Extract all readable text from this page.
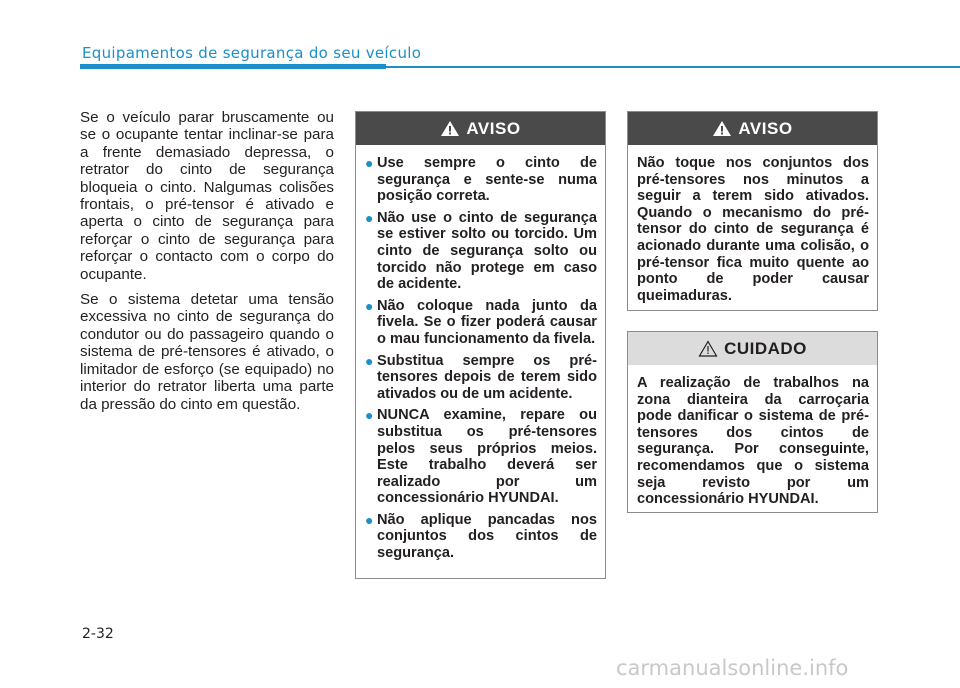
Equipamentos de segurança do seu veículo

Se o veículo parar bruscamente ou se o ocupante tentar inclinar-se para a frente demasiado depressa, o retrator do cinto de segurança bloqueia o cinto. Nalgumas colisões frontais, o pré-tensor é ativado e aperta o cinto de segurança para reforçar o cinto de segurança para reforçar o contacto com o corpo do ocupante.

Se o sistema detetar uma tensão excessiva no cinto de segurança do condutor ou do passageiro quando o sistema de pré-tensores é ativado, o limitador de esforço (se equipado) no interior do retrator liberta uma parte da pressão do cinto em questão.

AVISO
● Use sempre o cinto de segurança e sente-se numa posição correta.
● Não use o cinto de segurança se estiver solto ou torcido. Um cinto de segurança solto ou torcido não protege em caso de acidente.
● Não coloque nada junto da fivela. Se o fizer poderá causar o mau funcionamento da fivela.
● Substitua sempre os pré-tensores depois de terem sido ativados ou de um acidente.
● NUNCA examine, repare ou substitua os pré-tensores pelos seus próprios meios. Este trabalho deverá ser realizado por um concessionário HYUNDAI.
● Não aplique pancadas nos conjuntos dos cintos de segurança.
AVISO

Não toque nos conjuntos dos pré-tensores nos minutos a seguir a terem sido ativados. Quando o mecanismo do pré-tensor do cinto de segurança é acionado durante uma colisão, o pré-tensor fica muito quente ao ponto de poder causar queimaduras.

CUIDADO

A realização de trabalhos na zona dianteira da carroçaria pode danificar o sistema de pré-tensores dos cintos de segurança. Por conseguinte, recomendamos que o sistema seja revisto por um concessionário HYUNDAI.

2-32
carmanualsonline.info
